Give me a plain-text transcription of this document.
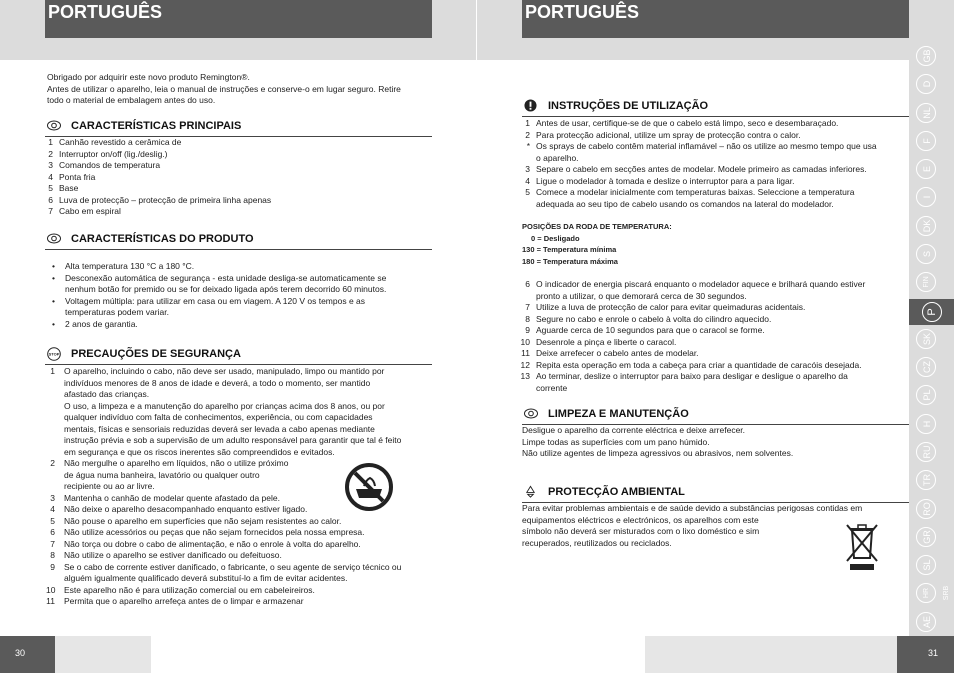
PORTUGUÊS
Obrigado por adquirir este novo produto Remington®.
Antes de utilizar o aparelho, leia o manual de instruções e conserve-o em lugar seguro. Retire
todo o material de embalagem antes do uso.
CARACTERÍSTICAS PRINCIPAIS
1 Canhão revestido a cerâmica de
2 Interruptor on/off (lig./deslig.)
3 Comandos de temperatura
4 Ponta fria
5 Base
6 Luva de protecção – protecção de primeira linha apenas
7 Cabo em espiral
CARACTERÍSTICAS DO PRODUTO
• Alta temperatura 130 °C a 180 °C.
• Desconexão automática de segurança - esta unidade desliga-se automaticamente se
nenhum botão for premido ou se for deixado ligada após terem decorrido 60 minutos.
• Voltagem múltipla: para utilizar em casa ou em viagem. A 120 V os tempos e as
temperaturas podem variar.
• 2 anos de garantia.
STOP PRECAUÇÕES DE SEGURANÇA
1 O aparelho, incluindo o cabo, não deve ser usado, manipulado, limpo ou mantido por
indivíduos menores de 8 anos de idade e deverá, a todo o momento, ser mantido
afastado das crianças.
O uso, a limpeza e a manutenção do aparelho por crianças acima dos 8 anos, ou por
qualquer indivíduo com falta de conhecimentos, experiência, ou com capacidades
mentais, físicas e sensoriais reduzidas deverá ser levada a cabo apenas mediante
instrução prévia e sob a supervisão de um adulto responsável para garantir que tal é feito
em segurança e que os riscos inerentes são compreendidos e evitados.
2 Não mergulhe o aparelho em líquidos, não o utilize próximo
de água numa banheira, lavatório ou qualquer outro
recipiente ou ao ar livre.
3 Mantenha o canhão de modelar quente afastado da pele.
4 Não deixe o aparelho desacompanhado enquanto estiver ligado.
5 Não pouse o aparelho em superfícies que não sejam resistentes ao calor.
6 Não utilize acessórios ou peças que não sejam fornecidos pela nossa empresa.
7 Não torça ou dobre o cabo de alimentação, e não o enrole à volta do aparelho.
8 Não utilize o aparelho se estiver danificado ou defeituoso.
9 Se o cabo de corrente estiver danificado, o fabricante, o seu agente de serviço técnico ou
alguém igualmente qualificado deverá substituí-lo a fim de evitar acidentes.
10 Este aparelho não é para utilização comercial ou em cabeleireiros.
11 Permita que o aparelho arrefeça antes de o limpar e armazenar
30
PORTUGUÊS
GB
D
NL
F
E
I
DK
S
FIN
P
SK
CZ
PL
H
RU
TR
RO
GR
SL
HR SRB
AE
INSTRUÇÕES DE UTILIZAÇÃO
1 Antes de usar, certifique-se de que o cabelo está limpo, seco e desembaraçado.
2 Para protecção adicional, utilize um spray de protecção contra o calor.
* Os sprays de cabelo contêm material inflamável – não os utilize ao mesmo tempo que usa
o aparelho.
3 Separe o cabelo em secções antes de modelar. Modele primeiro as camadas inferiores.
4 Ligue o modelador à tomada e deslize o interruptor para a para ligar.
5 Comece a modelar inicialmente com temperaturas baixas. Seleccione a temperatura
adequada ao seu tipo de cabelo usando os comandos na lateral do modelador.
POSIÇÕES DA RODA DE TEMPERATURA:
0 = Desligado
130 = Temperatura mínima
180 = Temperatura máxima
6 O indicador de energia piscará enquanto o modelador aquece e brilhará quando estiver
pronto a utilizar, o que demorará cerca de 30 segundos.
7 Utilize a luva de protecção de calor para evitar queimaduras acidentais.
8 Segure no cabo e enrole o cabelo à volta do cilindro aquecido.
9 Aguarde cerca de 10 segundos para que o caracol se forme.
10 Desenrole a pinça e liberte o caracol.
11 Deixe arrefecer o cabelo antes de modelar.
12 Repita esta operação em toda a cabeça para criar a quantidade de caracóis desejada.
13 Ao terminar, deslize o interruptor para baixo para desligar e desligue o aparelho da
corrente
LIMPEZA E MANUTENÇÃO
Desligue o aparelho da corrente eléctrica e deixe arrefecer.
Limpe todas as superfícies com um pano húmido.
Não utilize agentes de limpeza agressivos ou abrasivos, nem solventes.
PROTECÇÃO AMBIENTAL
Para evitar problemas ambientais e de saúde devido a substâncias perigosas contidas em
equipamentos eléctricos e electrónicos, os aparelhos com este
símbolo não deverá ser misturados com o lixo doméstico e sim
recuperados, reutilizados ou reciclados.
31
